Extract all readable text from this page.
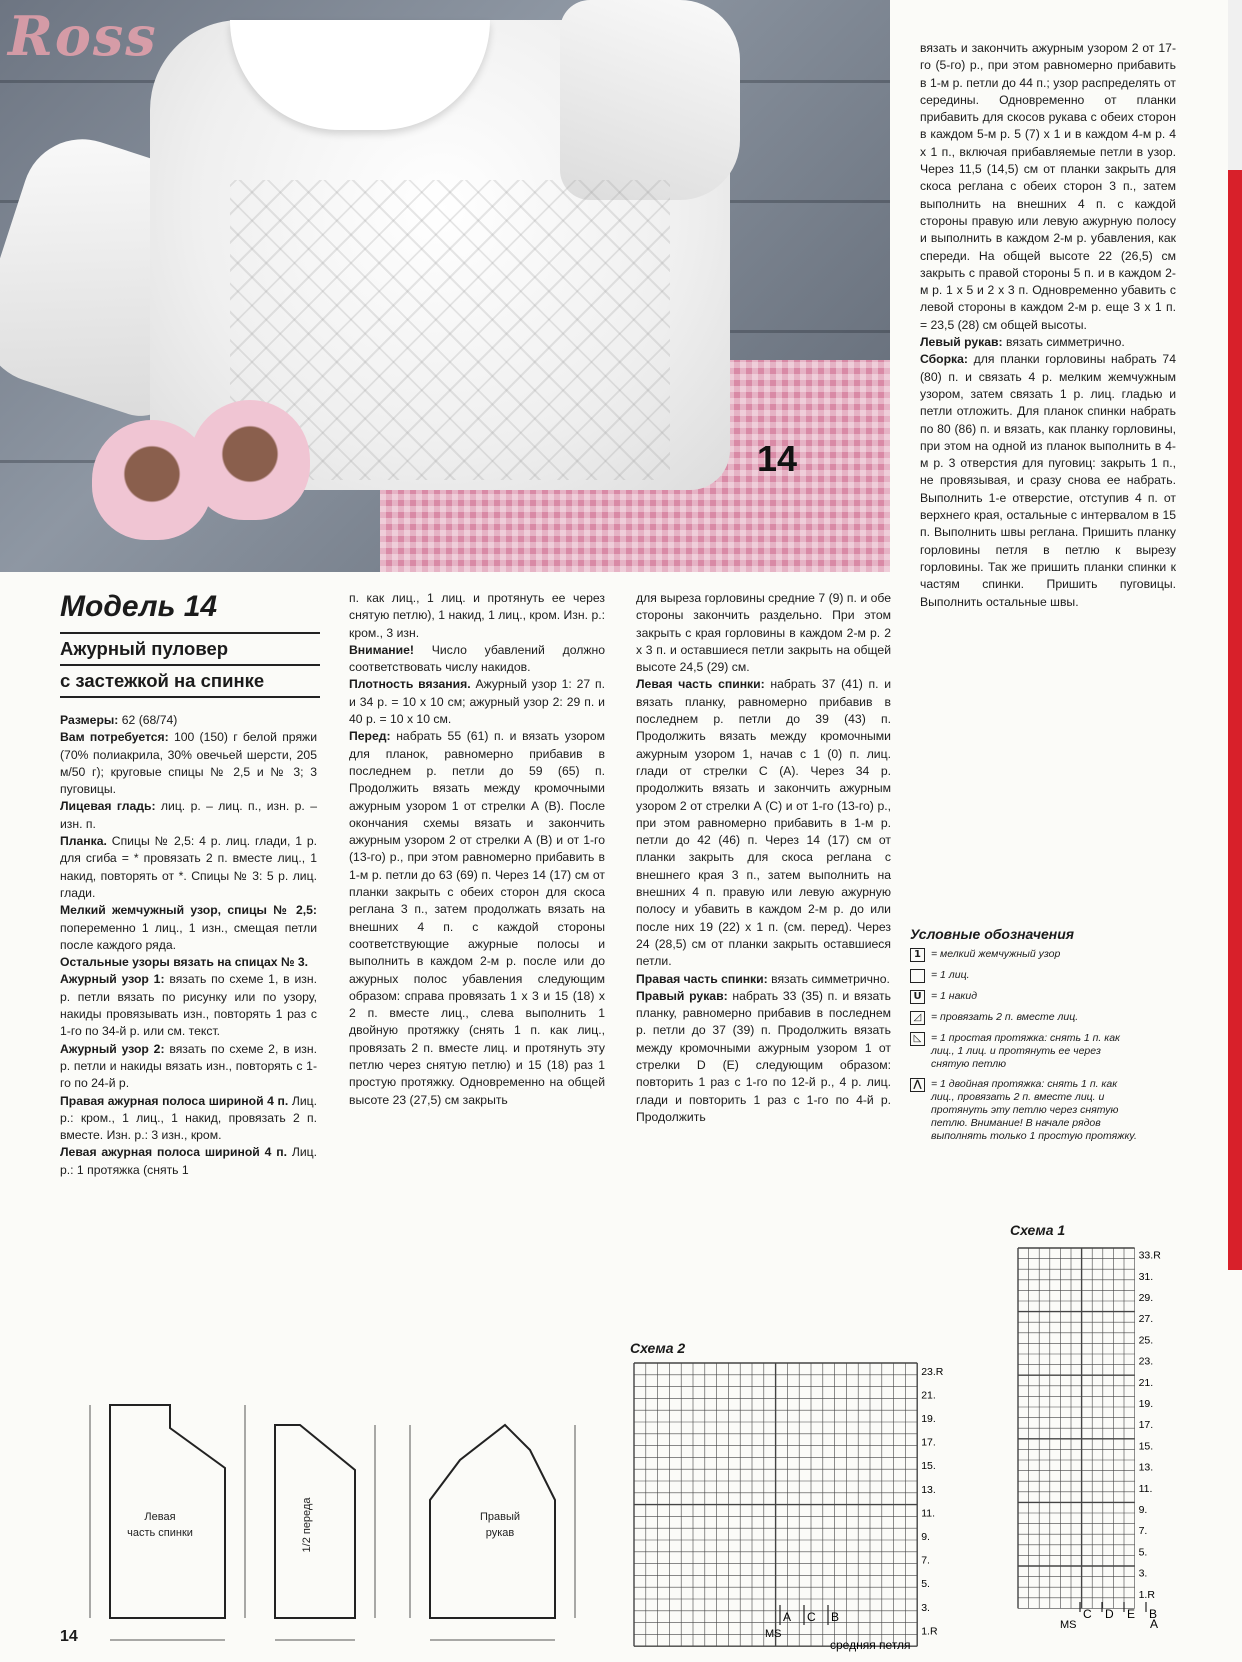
Ross
14
Модель 14
Ажурный пуловер
с застежкой на спинке

Размеры: 62 (68/74)

Вам потребуется: 100 (150) г белой пряжи (70% полиакрила, 30% овечьей шерсти, 205 м/50 г); круговые спицы № 2,5 и № 3; 3 пуговицы.

Лицевая гладь: лиц. р. – лиц. п., изн. р. – изн. п.

Планка. Спицы № 2,5: 4 р. лиц. глади, 1 р. для сгиба = * провязать 2 п. вместе лиц., 1 накид, повторять от *. Спицы № 3: 5 р. лиц. глади.

Мелкий жемчужный узор, спицы № 2,5: попеременно 1 лиц., 1 изн., смещая петли после каждого ряда.

Остальные узоры вязать на спицах № 3.

Ажурный узор 1: вязать по схеме 1, в изн. р. петли вязать по рисунку или по узору, накиды провязывать изн., повторять 1 раз с 1-го по 34-й р. или см. текст.

Ажурный узор 2: вязать по схеме 2, в изн. р. петли и накиды вязать изн., повторять с 1-го по 24-й р.

Правая ажурная полоса шириной 4 п. Лиц. р.: кром., 1 лиц., 1 накид, провязать 2 п. вместе. Изн. р.: 3 изн., кром.

Левая ажурная полоса шириной 4 п. Лиц. р.: 1 протяжка (снять 1

п. как лиц., 1 лиц. и протянуть ее через снятую петлю), 1 накид, 1 лиц., кром. Изн. р.: кром., 3 изн.

Внимание! Число убавлений должно соответствовать числу накидов.

Плотность вязания. Ажурный узор 1: 27 п. и 34 р. = 10 х 10 см; ажурный узор 2: 29 п. и 40 р. = 10 х 10 см.

Перед: набрать 55 (61) п. и вязать узором для планок, равномерно прибавив в последнем р. петли до 59 (65) п. Продолжить вязать между кромочными ажурным узором 1 от стрелки А (В). После окончания схемы вязать и закончить ажурным узором 2 от стрелки А (В) и от 1-го (13-го) р., при этом равномерно прибавить в 1-м р. петли до 63 (69) п. Через 14 (17) см от планки закрыть с обеих сторон для скоса реглана 3 п., затем продолжать вязать на внешних 4 п. с каждой стороны соответствующие ажурные полосы и выполнить в каждом 2-м р. после или до ажурных полос убавления следующим образом: справа провязать 1 х 3 и 15 (18) х 2 п. вместе лиц., слева выполнить 1 двойную протяжку (снять 1 п. как лиц., провязать 2 п. вместе лиц. и протянуть эту петлю через снятую петлю) и 15 (18) раз 1 простую протяжку. Одновременно на общей высоте 23 (27,5) см закрыть

для выреза горловины средние 7 (9) п. и обе стороны закончить раздельно. При этом закрыть с края горловины в каждом 2-м р. 2 х 3 п. и оставшиеся петли закрыть на общей высоте 24,5 (29) см.

Левая часть спинки: набрать 37 (41) п. и вязать планку, равномерно прибавив в последнем р. петли до 39 (43) п. Продолжить вязать между кромочными ажурным узором 1, начав с 1 (0) п. лиц. глади от стрелки С (А). Через 34 р. продолжить вязать и закончить ажурным узором 2 от стрелки А (С) и от 1-го (13-го) р., при этом равномерно прибавить в 1-м р. петли до 42 (46) п. Через 14 (17) см от планки закрыть для скоса реглана с внешнего края 3 п., затем выполнить на внешних 4 п. правую или левую ажурную полосу и убавить в каждом 2-м р. до или после них 19 (22) х 1 п. (см. перед). Через 24 (28,5) см от планки закрыть оставшиеся петли.

Правая часть спинки: вязать симметрично.

Правый рукав: набрать 33 (35) п. и вязать планку, равномерно прибавив в последнем р. петли до 37 (39) п. Продолжить вязать между кромочными ажурным узором 1 от стрелки D (E) следующим образом: повторить 1 раз с 1-го по 12-й р., 4 р. лиц. глади и повторить 1 раз с 1-го по 4-й р. Продолжить

вязать и закончить ажурным узором 2 от 17-го (5-го) р., при этом равномерно прибавить в 1-м р. петли до 44 п.; узор распределять от середины. Одновременно от планки прибавить для скосов рукава с обеих сторон в каждом 5-м р. 5 (7) х 1 и в каждом 4-м р. 4 х 1 п., включая прибавляемые петли в узор. Через 11,5 (14,5) см от планки закрыть для скоса реглана с обеих сторон 3 п., затем выполнить на внешних 4 п. с каждой стороны правую или левую ажурную полосу и выполнить в каждом 2-м р. убавления, как спереди. На общей высоте 22 (26,5) см закрыть с правой стороны 5 п. и в каждом 2-м р. 1 х 5 и 2 х 3 п. Одновременно убавить с левой стороны в каждом 2-м р. еще 3 х 1 п. = 23,5 (28) см общей высоты.

Левый рукав: вязать симметрично.

Сборка: для планки горловины набрать 74 (80) п. и связать 4 р. мелким жемчужным узором, затем связать 1 р. лиц. гладью и петли отложить. Для планок спинки набрать по 80 (86) п. и вязать, как планку горловины, при этом на одной из планок выполнить в 4-м р. 3 отверстия для пуговиц: закрыть 1 п., не провязывая, и сразу снова ее набрать. Выполнить 1-е отверстие, отступив 4 п. от верхнего края, остальные с интервалом в 15 п. Выполнить швы реглана. Пришить планку горловины петля в петлю к вырезу горловины. Так же пришить планки спинки к частям спинки. Пришить пуговицы. Выполнить остальные швы.

Условные обозначения
1 = мелкий жемчужный узор
= 1 лиц.
U = 1 накид
◿ = провязать 2 п. вместе лиц.
◺ = 1 простая протяжка: снять 1 п. как лиц., 1 лиц. и протянуть ее через снятую петлю
⋀ = 1 двойная протяжка: снять 1 п. как лиц., провязать 2 п. вместе лиц. и протянуть эту петлю через снятую петлю. Внимание! В начале рядов выполнять только 1 простую протяжку.
Схема 1
33.R
31.
29.
27.
25.
23.
21.
19.
17.
15.
13.
11.
9.
7.
5.
3.
1.R
C D E B
MS	A
Схема 2
23.R
21.
19.
17.
15.
13.
11.
9.
7.
5.
3.
1.R
A C B
MS
средняя петля
Левая
часть спинки	1/2 переда	Правый
рукав
14
